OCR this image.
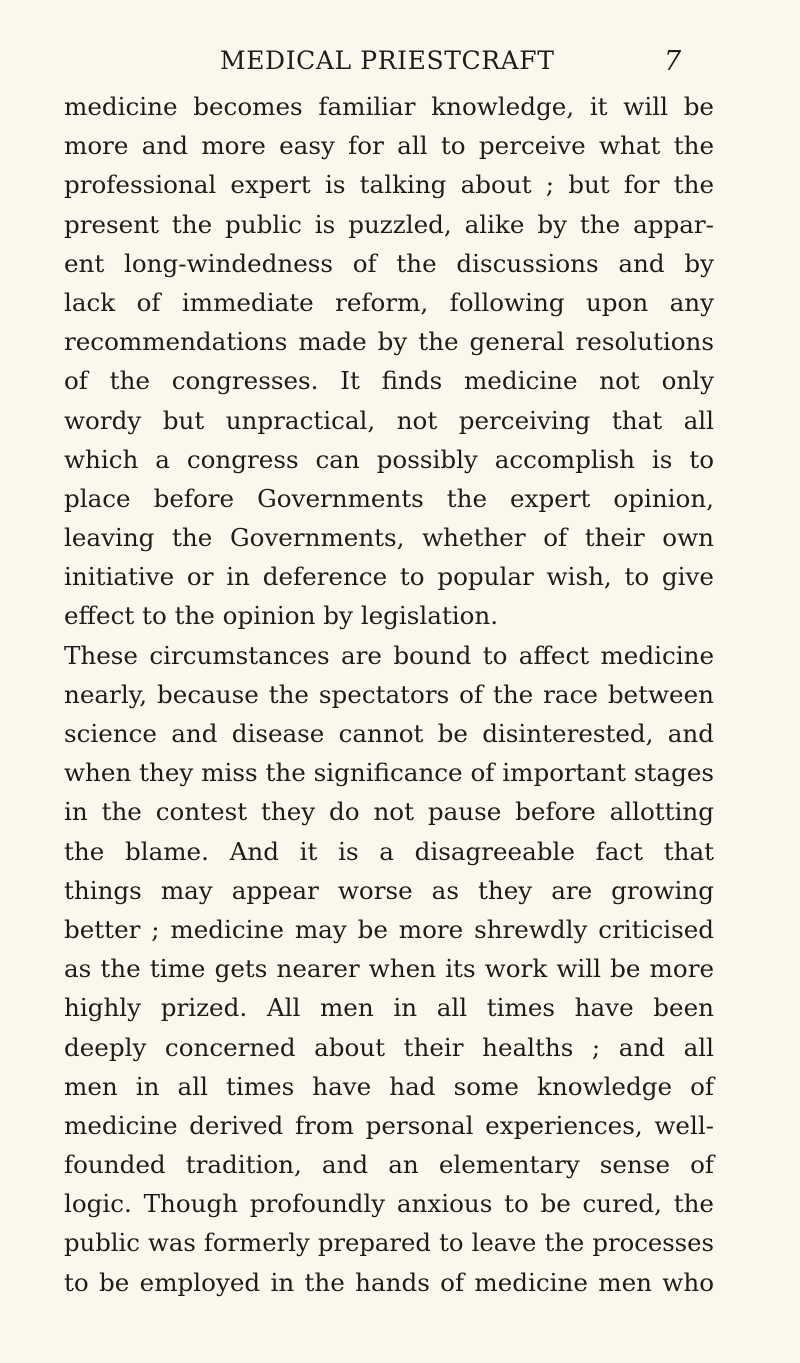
MEDICAL PRIESTCRAFT	7
medicine becomes familiar knowledge, it will be
more and more easy for all to perceive what the
professional expert is talking about ; but for the
present the public is puzzled, alike by the appar-
ent long-windedness of the discussions and by
lack of immediate reform, following upon any
recommendations made by the general resolutions
of the congresses. It finds medicine not only
wordy but unpractical, not perceiving that all
which a congress can possibly accomplish is to
place before Governments the expert opinion,
leaving the Governments, whether of their own
initiative or in deference to popular wish, to give
effect to the opinion by legislation.
These circumstances are bound to affect medicine
nearly, because the spectators of the race between
science and disease cannot be disinterested, and
when they miss the significance of important stages
in the contest they do not pause before allotting
the blame. And it is a disagreeable fact that
things may appear worse as they are growing
better ; medicine may be more shrewdly criticised
as the time gets nearer when its work will be more
highly prized. All men in all times have been
deeply concerned about their healths ; and all
men in all times have had some knowledge of
medicine derived from personal experiences, well-
founded tradition, and an elementary sense of
logic. Though profoundly anxious to be cured, the
public was formerly prepared to leave the processes
to be employed in the hands of medicine men who
